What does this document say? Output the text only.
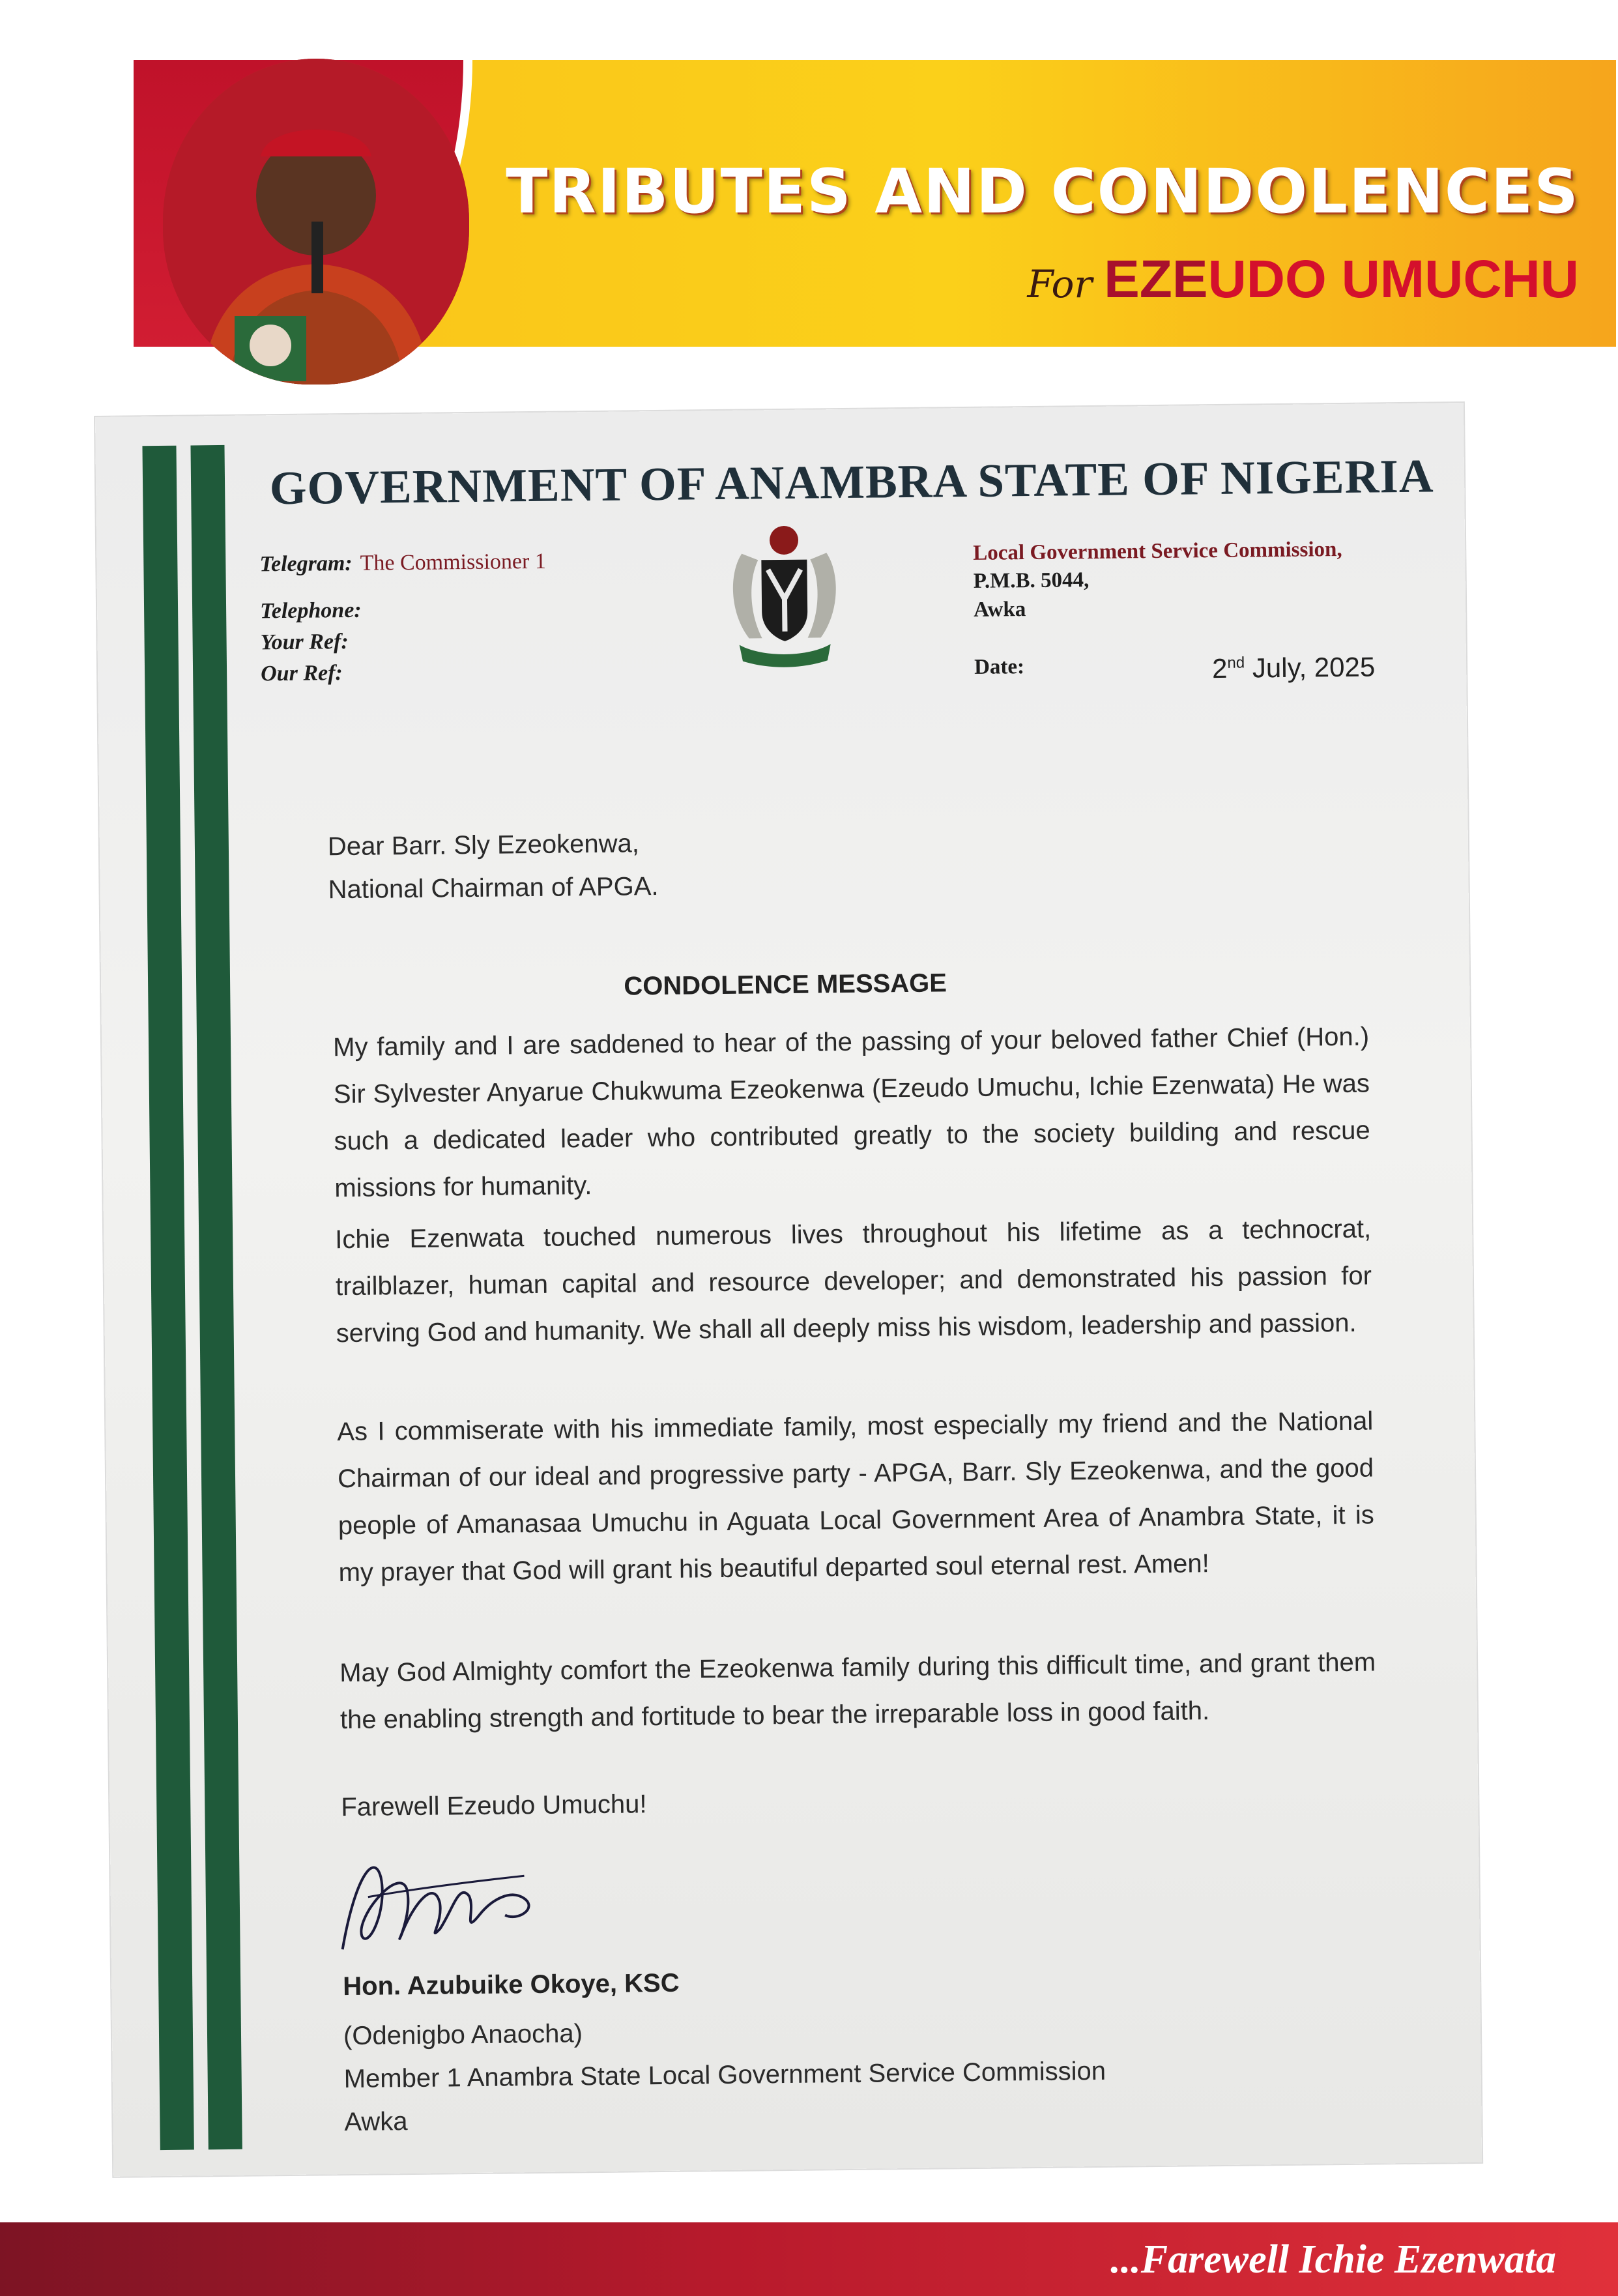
TRIBUTES AND CONDOLENCES
For EZEUDO UMUCHU
GOVERNMENT OF ANAMBRA STATE OF NIGERIA
Telegram: The Commissioner 1
Telephone:
Your Ref:
Our Ref:
Local Government Service Commission,
P.M.B. 5044,
Awka
Date:	2nd July, 2025
Dear Barr. Sly Ezeokenwa,
National Chairman of APGA.
CONDOLENCE MESSAGE
My family and I are saddened to hear of the passing of your beloved father Chief (Hon.) Sir Sylvester Anyarue Chukwuma Ezeokenwa (Ezeudo Umuchu, Ichie Ezenwata) He was such a dedicated leader who contributed greatly to the society building and rescue missions for humanity.
Ichie Ezenwata touched numerous lives throughout his lifetime as a technocrat, trailblazer, human capital and resource developer; and demonstrated his passion for serving God and humanity. We shall all deeply miss his wisdom, leadership and passion.
As I commiserate with his immediate family, most especially my friend and the National Chairman of our ideal and progressive party - APGA, Barr. Sly Ezeokenwa, and the good people of Amanasaa Umuchu in Aguata Local Government Area of Anambra State, it is my prayer that God will grant his beautiful departed soul eternal rest. Amen!
May God Almighty comfort the Ezeokenwa family during this difficult time, and grant them the enabling strength and fortitude to bear the irreparable loss in good faith.
Farewell Ezeudo Umuchu!
Hon. Azubuike Okoye, KSC
(Odenigbo Anaocha)
Member 1 Anambra State Local Government Service Commission
Awka
...Farewell Ichie Ezenwata
